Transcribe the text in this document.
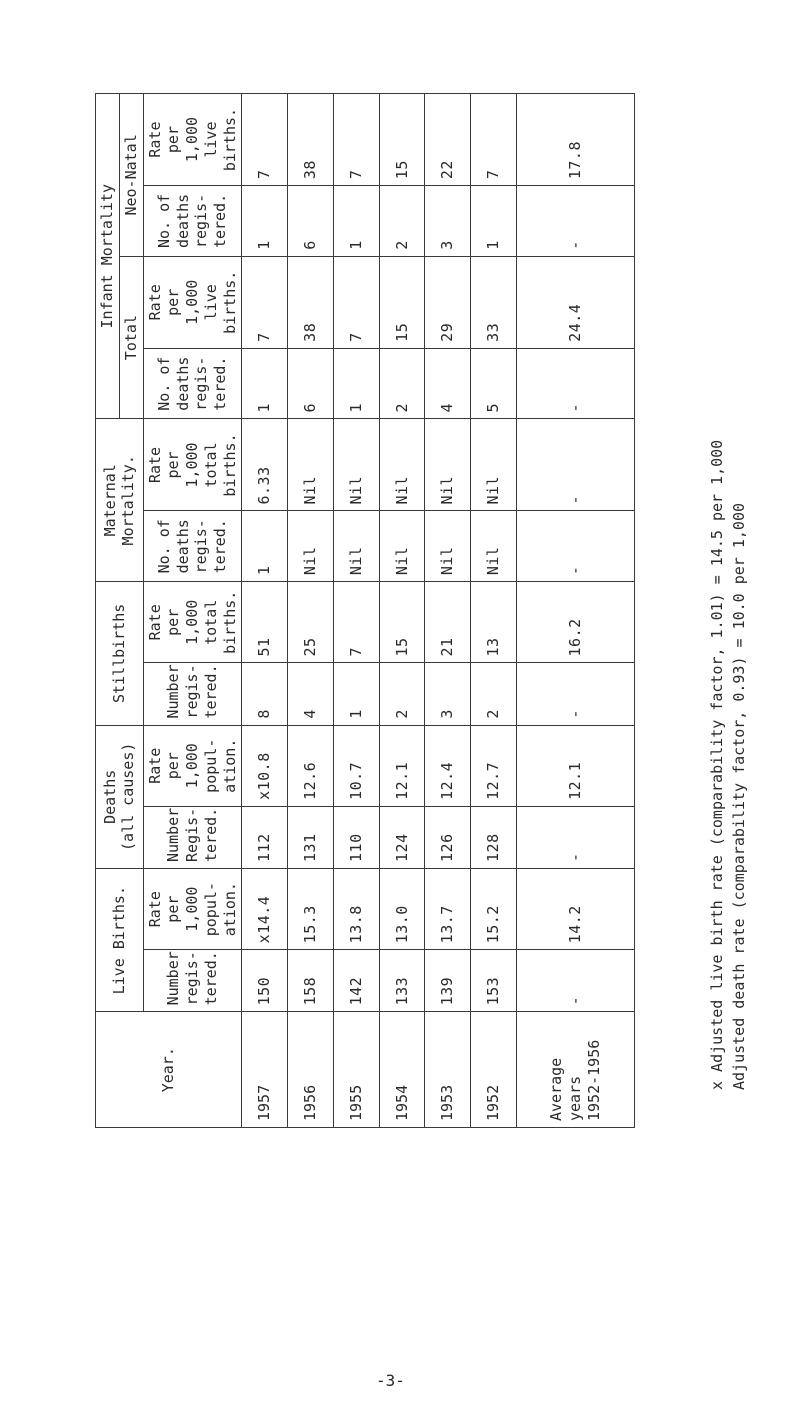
Year.	Live Births.		Deaths
(all causes)		Stillbirths		Maternal Mortality.		Infant Mortality			
									Total		Neo-Natal	
	Number
regis-
tered.	Rate
per
1,000
popul-
ation.	Number
Regis-
tered.	Rate
per
1,000
popul-
ation.	Number
regis-
tered.	Rate
per
1,000
total
births.	No. of
deaths
regis-
tered.	Rate
per
1,000
total
births.	No. of
deaths
regis-
tered.	Rate
per
1,000
live
births.	No. of
deaths
regis-
tered.	Rate
per
1,000
live
births.
1957	150	x14.4	112	x10.8	8	51	1	6.33	1	7	1	7
1956	158	15.3	131	12.6	4	25	Nil	Nil	6	38	6	38
1955	142	13.8	110	10.7	1	7	Nil	Nil	1	7	1	7
1954	133	13.0	124	12.1	2	15	Nil	Nil	2	15	2	15
1953	139	13.7	126	12.4	3	21	Nil	Nil	4	29	3	22
1952	153	15.2	128	12.7	2	13	Nil	Nil	5	33	1	7
Average
years
1952-1956	-	14.2	-	12.1	-	16.2	-	-	-	24.4	-	17.8
x Adjusted live birth rate (comparability factor, 1.01) = 14.5 per 1,000 Adjusted death rate (comparability factor, 0.93) = 10.0 per 1,000
-3-
